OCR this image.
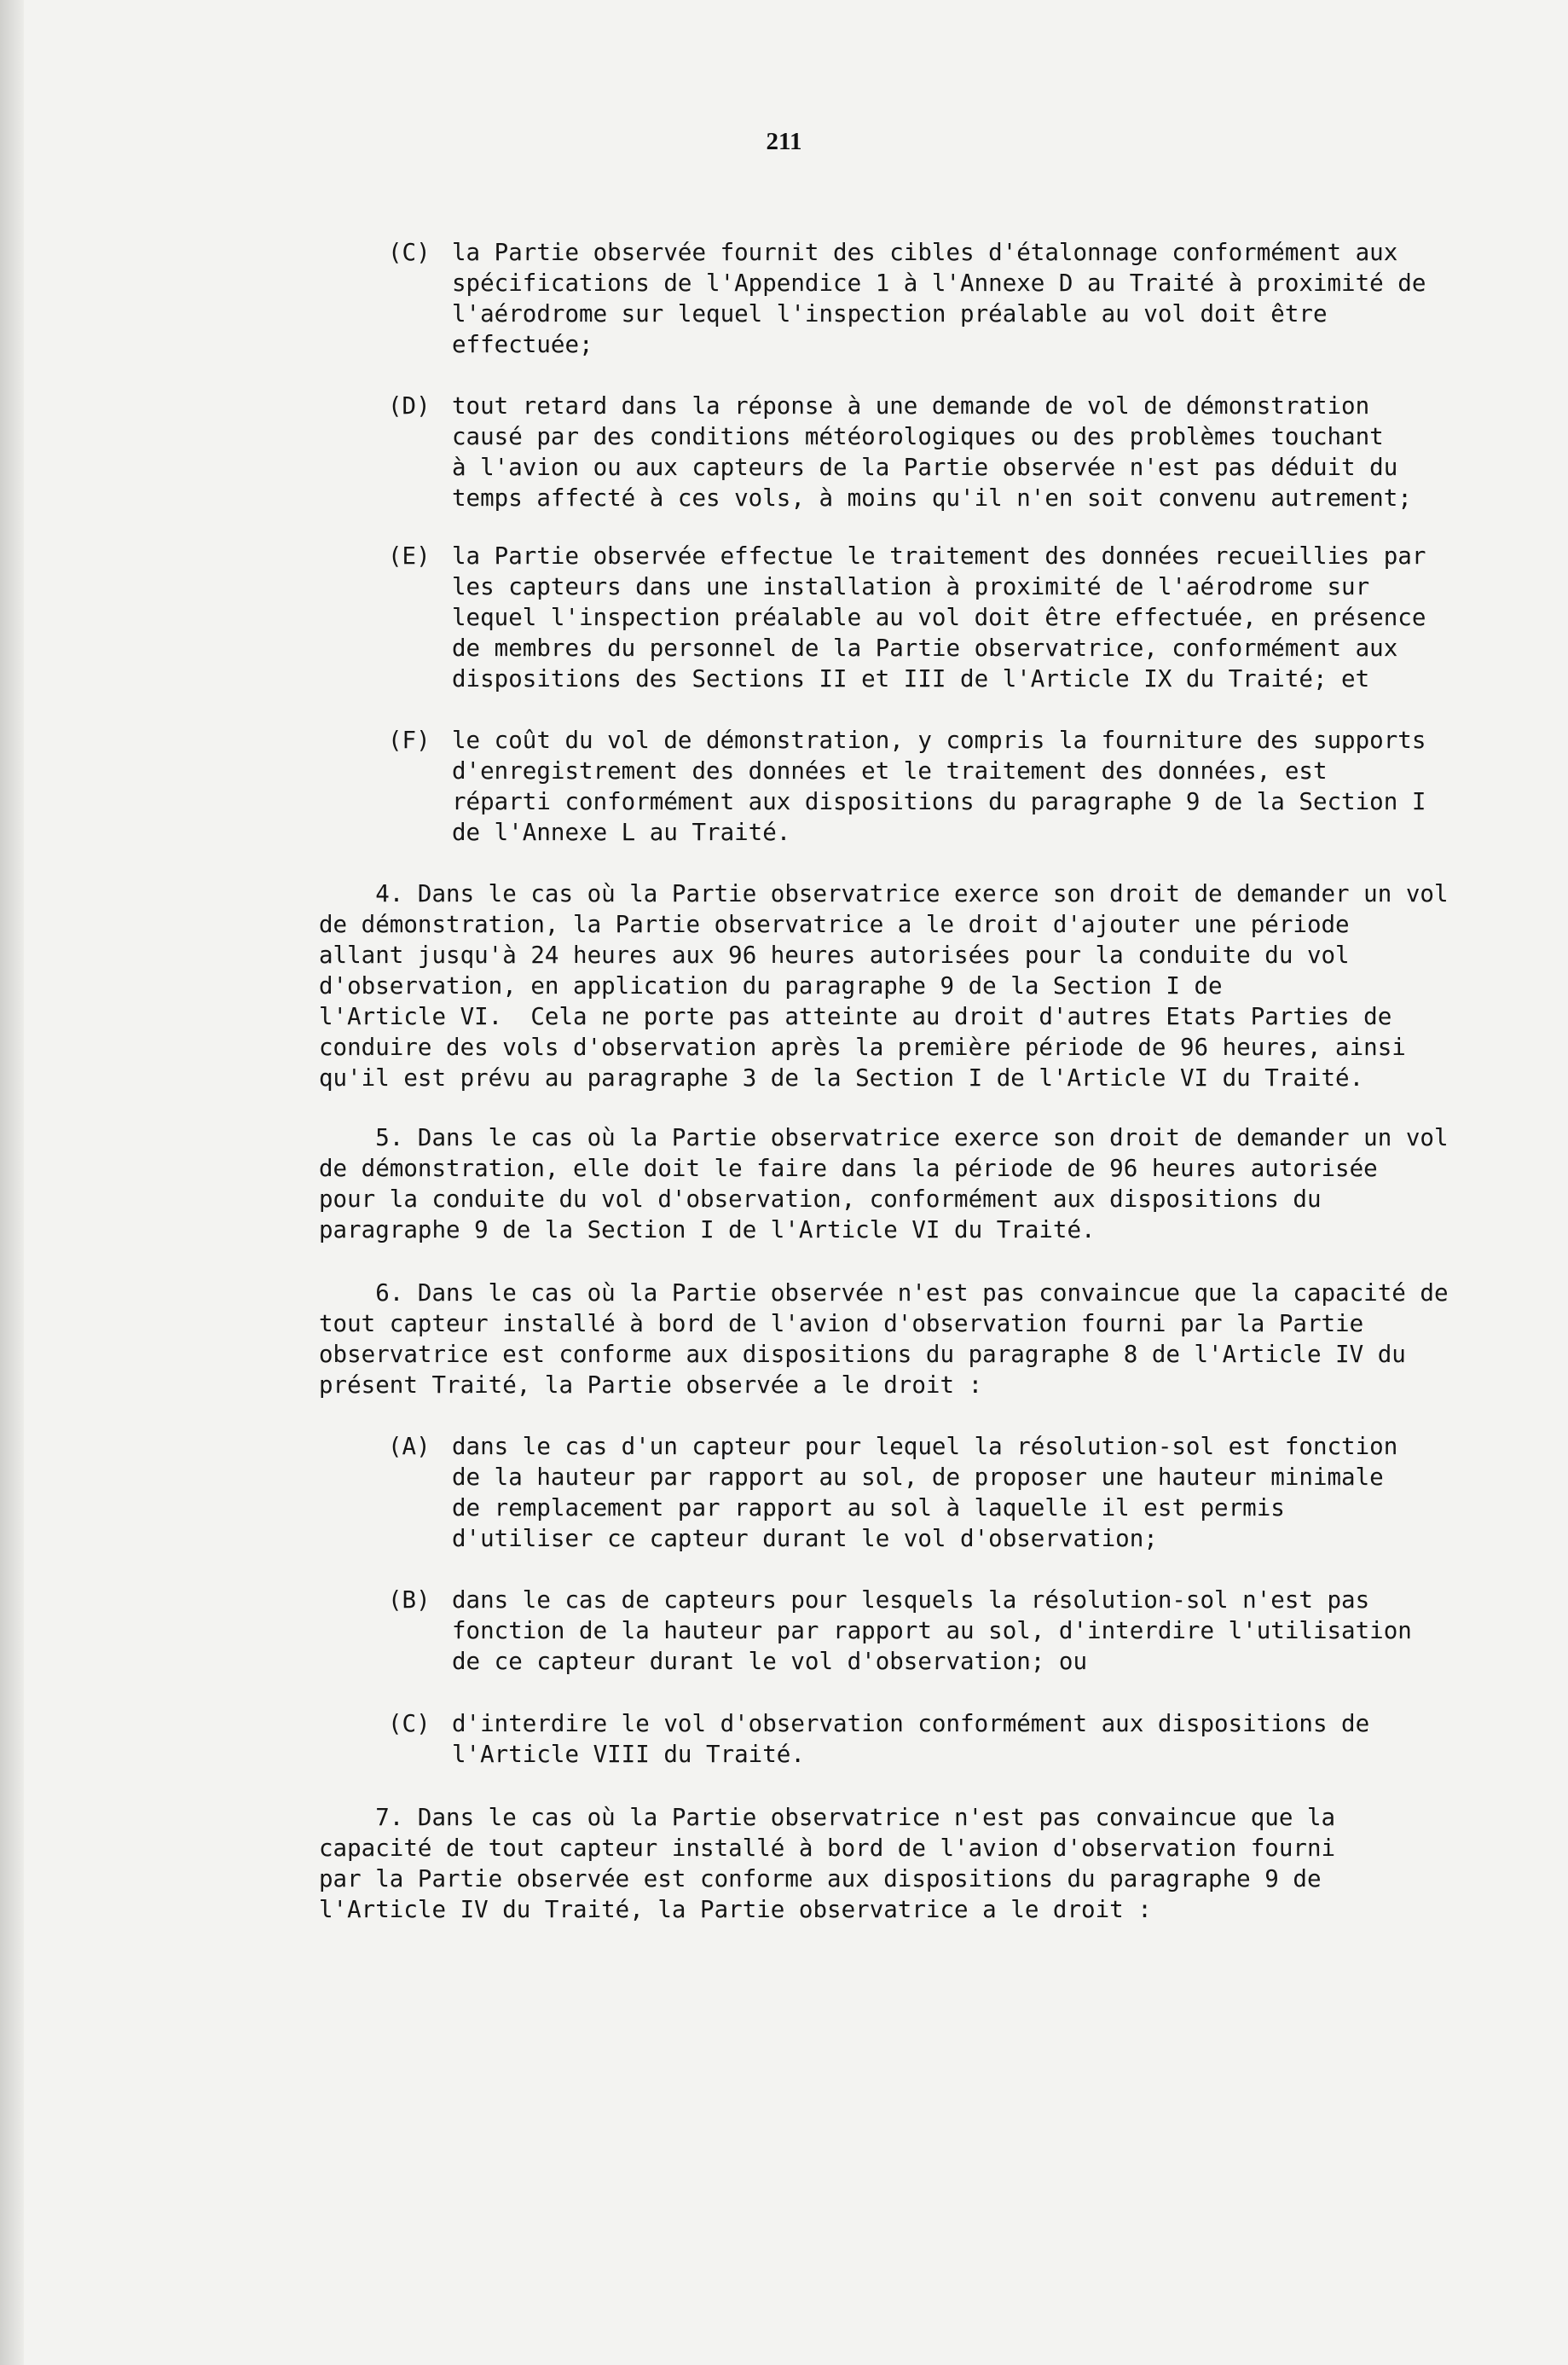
211
(C) la Partie observée fournit des cibles d'étalonnage conformément aux
spécifications de l'Appendice 1 à l'Annexe D au Traité à proximité de
l'aérodrome sur lequel l'inspection préalable au vol doit être
effectuée;
(D) tout retard dans la réponse à une demande de vol de démonstration
causé par des conditions météorologiques ou des problèmes touchant
à l'avion ou aux capteurs de la Partie observée n'est pas déduit du
temps affecté à ces vols, à moins qu'il n'en soit convenu autrement;
(E) la Partie observée effectue le traitement des données recueillies par
les capteurs dans une installation à proximité de l'aérodrome sur
lequel l'inspection préalable au vol doit être effectuée, en présence
de membres du personnel de la Partie observatrice, conformément aux
dispositions des Sections II et III de l'Article IX du Traité; et
(F) le coût du vol de démonstration, y compris la fourniture des supports
d'enregistrement des données et le traitement des données, est
réparti conformément aux dispositions du paragraphe 9 de la Section I
de l'Annexe L au Traité.
4. Dans le cas où la Partie observatrice exerce son droit de demander un vol
de démonstration, la Partie observatrice a le droit d'ajouter une période
allant jusqu'à 24 heures aux 96 heures autorisées pour la conduite du vol
d'observation, en application du paragraphe 9 de la Section I de
l'Article VI.  Cela ne porte pas atteinte au droit d'autres Etats Parties de
conduire des vols d'observation après la première période de 96 heures, ainsi
qu'il est prévu au paragraphe 3 de la Section I de l'Article VI du Traité.
5. Dans le cas où la Partie observatrice exerce son droit de demander un vol
de démonstration, elle doit le faire dans la période de 96 heures autorisée
pour la conduite du vol d'observation, conformément aux dispositions du
paragraphe 9 de la Section I de l'Article VI du Traité.
6. Dans le cas où la Partie observée n'est pas convaincue que la capacité de
tout capteur installé à bord de l'avion d'observation fourni par la Partie
observatrice est conforme aux dispositions du paragraphe 8 de l'Article IV du
présent Traité, la Partie observée a le droit :
(A) dans le cas d'un capteur pour lequel la résolution-sol est fonction
de la hauteur par rapport au sol, de proposer une hauteur minimale
de remplacement par rapport au sol à laquelle il est permis
d'utiliser ce capteur durant le vol d'observation;
(B) dans le cas de capteurs pour lesquels la résolution-sol n'est pas
fonction de la hauteur par rapport au sol, d'interdire l'utilisation
de ce capteur durant le vol d'observation; ou
(C) d'interdire le vol d'observation conformément aux dispositions de
l'Article VIII du Traité.
7. Dans le cas où la Partie observatrice n'est pas convaincue que la
capacité de tout capteur installé à bord de l'avion d'observation fourni
par la Partie observée est conforme aux dispositions du paragraphe 9 de
l'Article IV du Traité, la Partie observatrice a le droit :
